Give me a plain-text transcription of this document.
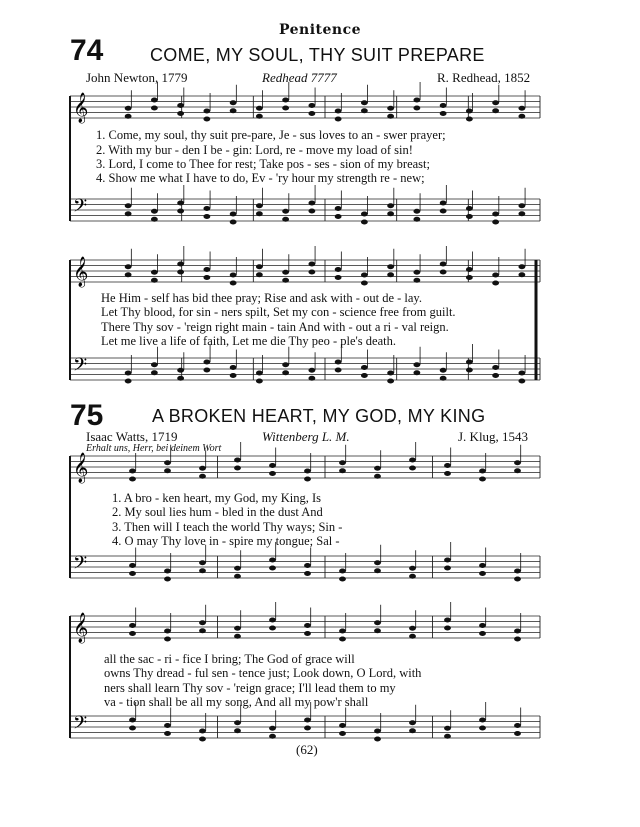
𝄞
𝄢
𝄞
𝄢
𝄞
𝄢
𝄞
𝄢
Penitence
74	COME, MY SOUL, THY SUIT PREPARE
John Newton, 1779	Redhead 7777	R. Redhead, 1852
1. Come, my soul, thy suit pre-pare, Je - sus loves to an - swer prayer;
2. With my bur - den I be - gin: Lord, re - move my load of sin!
3. Lord, I come to Thee for rest; Take pos - ses - sion of my breast;
4. Show me what I have to do, Ev - 'ry hour my strength re - new;
He Him - self has bid thee pray; Rise and ask with - out de - lay.
Let Thy blood, for sin - ners spilt, Set my con - science free from guilt.
There Thy sov - 'reign right main - tain And with - out a ri - val reign.
Let me live a life of faith, Let me die Thy peo - ple's death.
75	A BROKEN HEART, MY GOD, MY KING
Isaac Watts, 1719	Wittenberg L. M.	J. Klug, 1543
Erhalt uns, Herr, bei deinem Wort
1. A bro - ken heart, my God, my King, Is
2. My soul lies hum - bled in the dust And
3. Then will I teach the world Thy ways; Sin -
4. O may Thy love in - spire my tongue; Sal -
all the sac - ri - fice I bring; The God of grace will
owns Thy dread - ful sen - tence just; Look down, O Lord, with
ners shall learn Thy sov - 'reign grace; I'll lead them to my
va - tion shall be all my song, And all my pow'r shall
(62)
